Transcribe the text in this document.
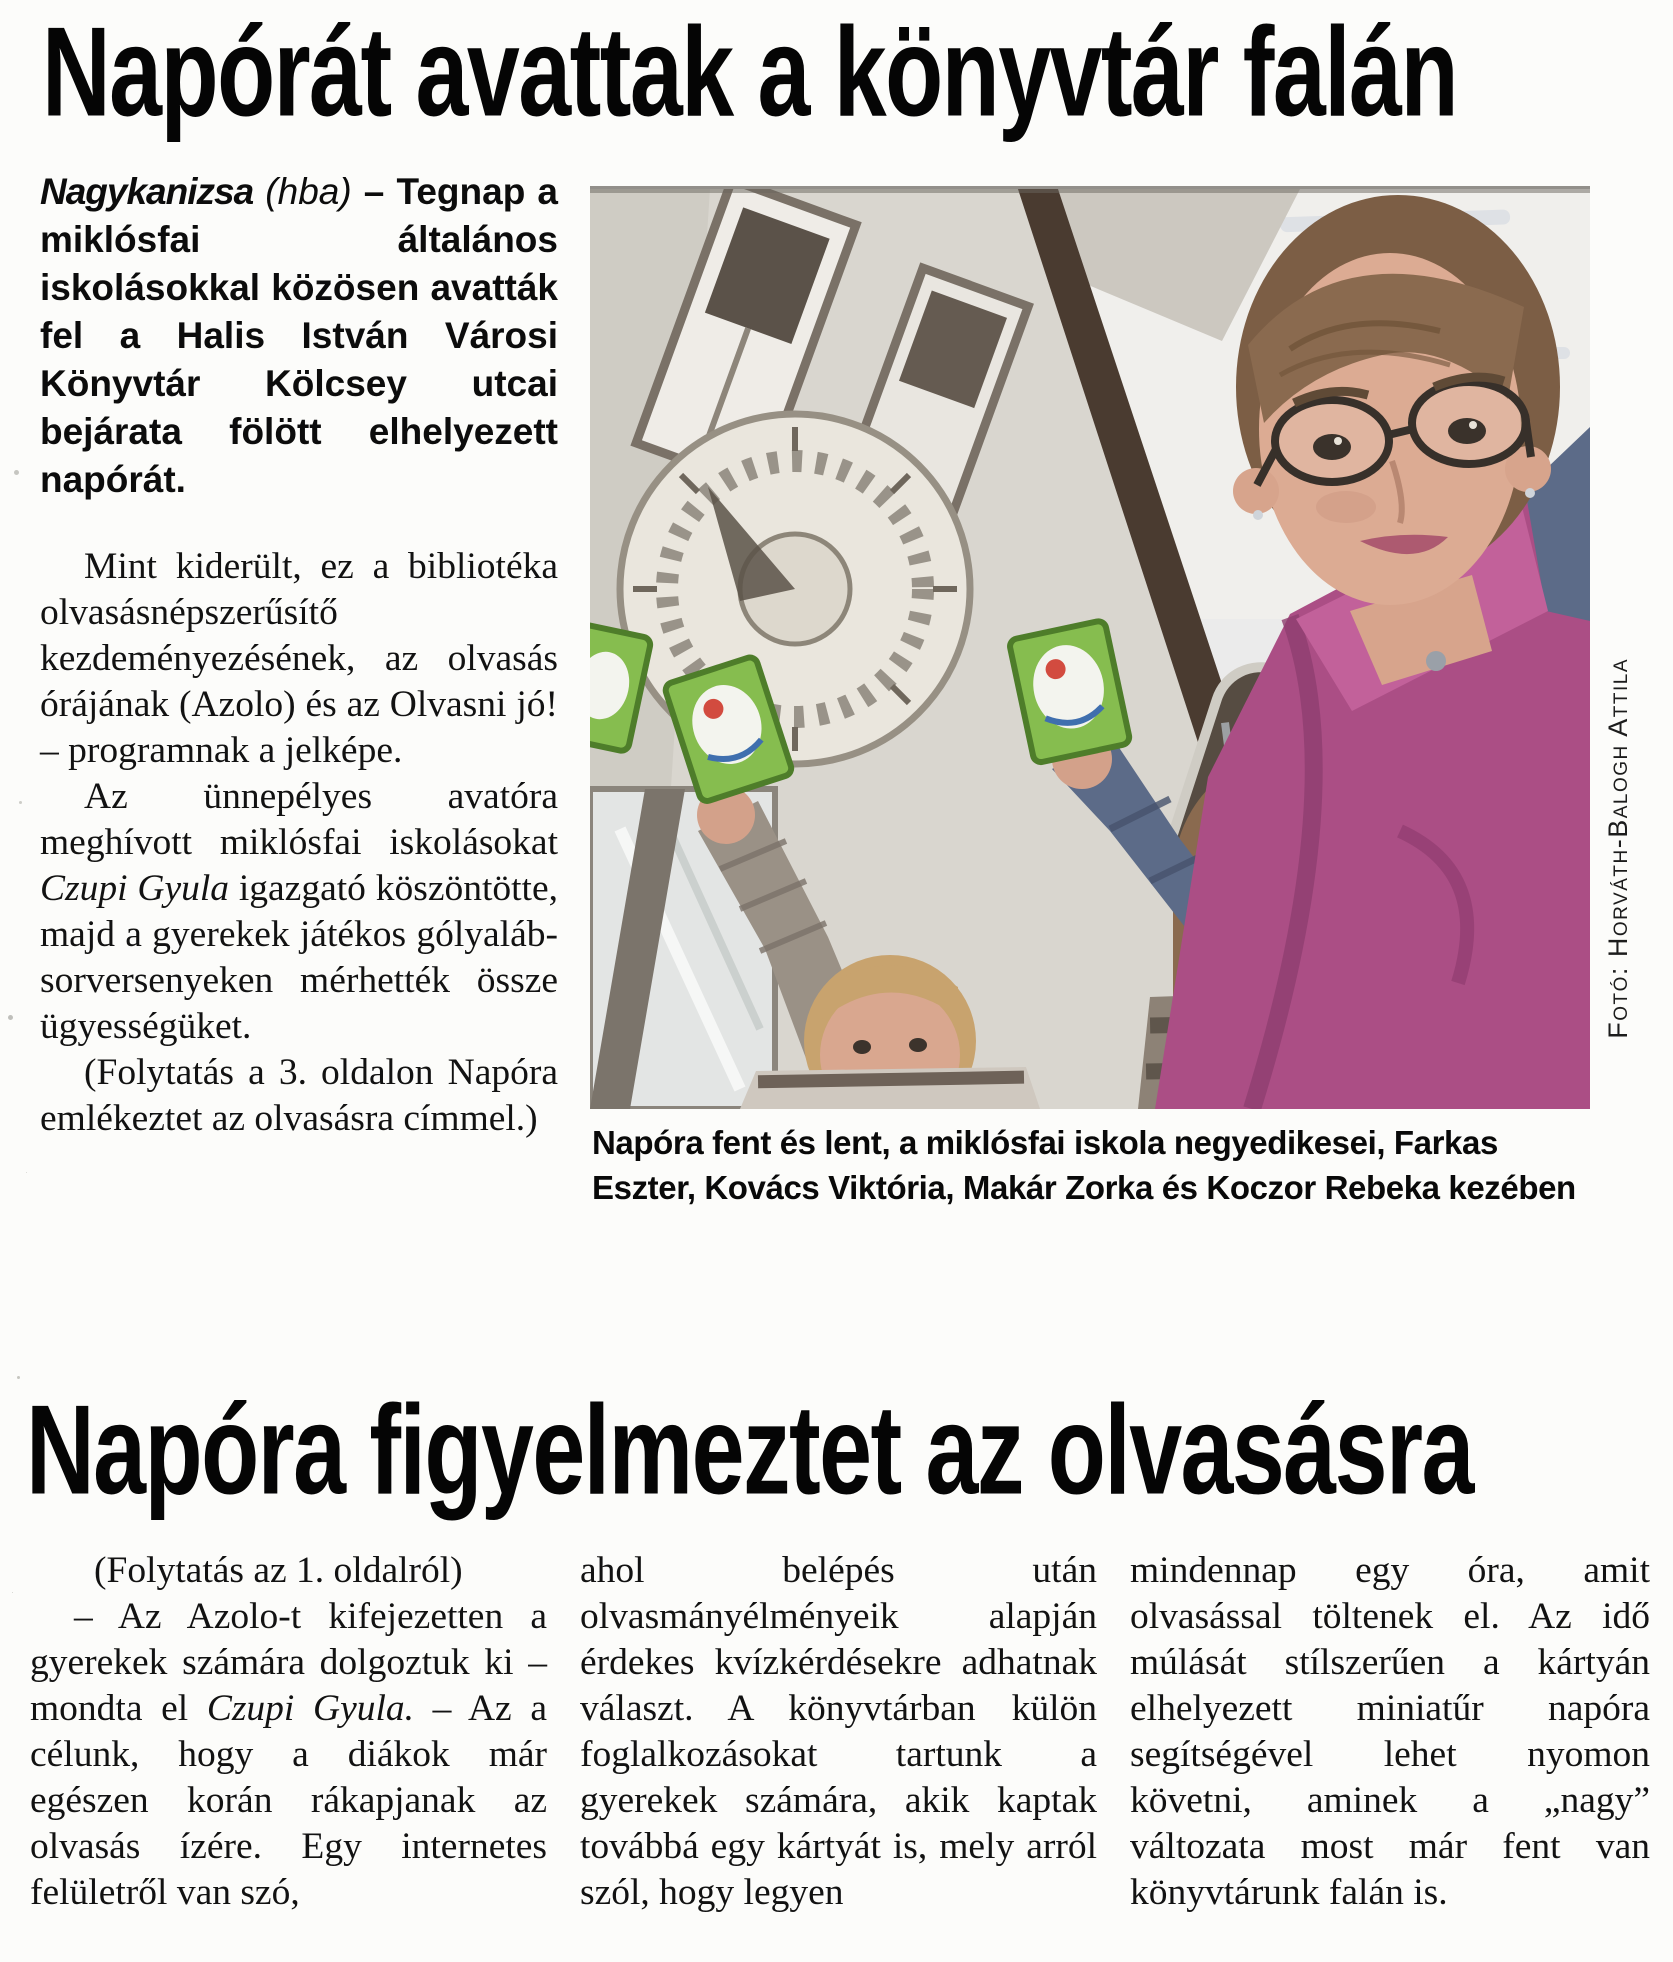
Napórát avattak a könyvtár falán

Nagykanizsa (hba) – Tegnap a miklósfai általános iskolásokkal közösen avatták fel a Halis István Városi Könyvtár Kölcsey utcai bejárata fölött elhelyezett napórát.

Mint kiderült, ez a bibliotéka olvasásnépszerűsítő kezdeményezésének, az olvasás órájának (Azolo) és az Olvasni jó! – programnak a jelképe.

Az ünnepélyes avatóra meghívott miklósfai iskolásokat Czupi Gyula igazgató köszöntötte, majd a gyerekek játékos gólyaláb-sorversenyeken mérhették össze ügyességüket.

(Folytatás a 3. oldalon Napóra emlékeztet az olvasásra címmel.)

Fotó: Horváth-Balogh Attila
Napóra fent és lent, a miklósfai iskola negyedikesei, Farkas Eszter, Kovács Viktória, Makár Zorka és Koczor Rebeka kezében
Napóra figyelmeztet az olvasásra

(Folytatás az 1. oldalról)

– Az Azolo-t kifejezetten a gyerekek számára dolgoztuk ki – mondta el Czupi Gyula. – Az a célunk, hogy a diákok már egészen korán rákapjanak az olvasás ízére. Egy internetes felületről van szó,

ahol belépés után olvasmányélményeik alapján érdekes kvízkérdésekre adhatnak választ. A könyvtárban külön foglalkozásokat tartunk a gyerekek számára, akik kaptak továbbá egy kártyát is, mely arról szól, hogy legyen

mindennap egy óra, amit olvasással töltenek el. Az idő múlását stílszerűen a kártyán elhelyezett miniatűr napóra segítségével lehet nyomon követni, aminek a „nagy” változata most már fent van könyvtárunk falán is.
